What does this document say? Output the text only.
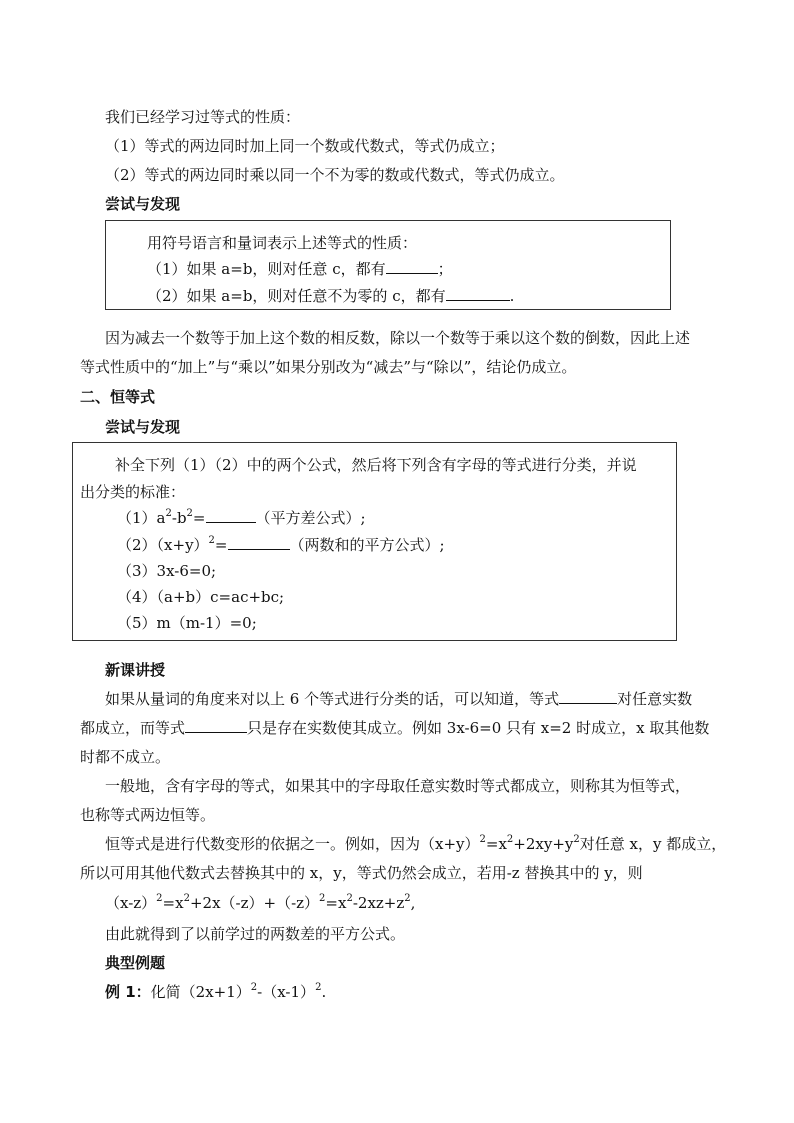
我们已经学习过等式的性质：
（1）等式的两边同时加上同一个数或代数式，等式仍成立；
（2）等式的两边同时乘以同一个不为零的数或代数式，等式仍成立。
尝试与发现
用符号语言和量词表示上述等式的性质：
（1）如果 a=b，则对任意 c，都有	；
（2）如果 a=b，则对任意不为零的 c，都有	.
因为减去一个数等于加上这个数的相反数，除以一个数等于乘以这个数的倒数，因此上述
等式性质中的“加上”与“乘以”如果分别改为“减去”与“除以”，结论仍成立。
二、恒等式
尝试与发现
补全下列（1）（2）中的两个公式，然后将下列含有字母的等式进行分类，并说
出分类的标准：
$(1)a^2-b^2=$	（平方差公式）;
$(2)(x+y)^2=$	（两数和的平方公式）;
（3）3x-6=0;
（4）（a+b）c=ac+bc;
（5）m（m-1）=0;
新课讲授
如果从量词的角度来对以上 6 个等式进行分类的话，可以知道，等式	对任意实数
都成立，而等式	只是存在实数使其成立。例如 3x-6=0 只有 x=2 时成立，x 取其他数
时都不成立。
一般地，含有字母的等式，如果其中的字母取任意实数时等式都成立，则称其为恒等式，
也称等式两边恒等。
恒等式是进行代数变形的依据之一。例如，因为$(x+y)^2=x^2+2xy+y^2$对任意 x，y 都成立，
所以可用其他代数式去替换其中的 x，y，等式仍然会成立，若用-z 替换其中的 y，则
$(x-z)^2=x^2+2x(-z)+(-z)^2=x^2-2xz+z^2$,
由此就得到了以前学过的两数差的平方公式。
典型例题
例 1：化简$(2x+1)^2-(x-1)^2$.
